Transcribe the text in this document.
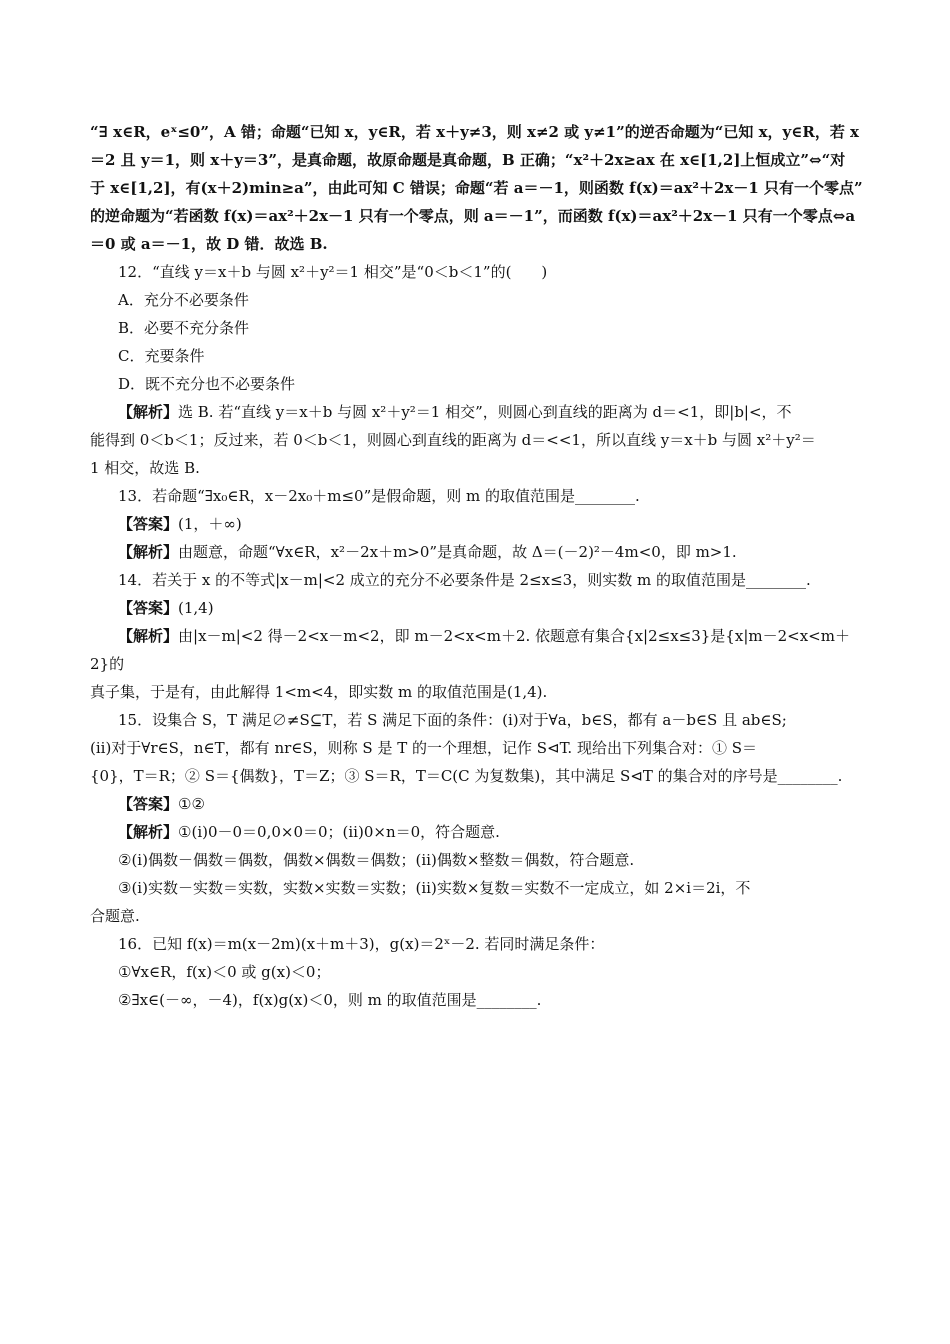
“∃ x∈R，eˣ≤0”，A 错；命题“已知 x，y∈R，若 x＋y≠3，则 x≠2 或 y≠1”的逆否命题为“已知 x，y∈R，若 x

＝2 且 y＝1，则 x＋y＝3”，是真命题，故原命题是真命题，B 正确；“x²＋2x≥ax 在 x∈[1,2]上恒成立”⇔“对

于 x∈[1,2]，有(x＋2)min≥a”，由此可知 C 错误；命题“若 a＝－1，则函数 f(x)＝ax²＋2x－1 只有一个零点”

的逆命题为“若函数 f(x)＝ax²＋2x－1 只有一个零点，则 a＝－1”，而函数 f(x)＝ax²＋2x－1 只有一个零点⇔a

＝0 或 a＝－1，故 D 错．故选 B.

12．“直线 y＝x＋b 与圆 x²＋y²＝1 相交”是“0＜b＜1”的(　　)

A．充分不必要条件

B．必要不充分条件

C．充要条件

D．既不充分也不必要条件

【解析】选 B. 若“直线 y＝x＋b 与圆 x²＋y²＝1 相交”，则圆心到直线的距离为 d＝<1，即|b|<，不

能得到 0＜b＜1；反过来，若 0＜b＜1，则圆心到直线的距离为 d＝<<1，所以直线 y＝x＋b 与圆 x²＋y²＝

1 相交，故选 B.

13．若命题“∃x₀∈R，x－2x₀＋m≤0”是假命题，则 m 的取值范围是________.

【答案】(1，＋∞)

【解析】由题意，命题“∀x∈R，x²－2x＋m>0”是真命题，故 Δ＝(－2)²－4m<0，即 m>1.

14．若关于 x 的不等式|x－m|<2 成立的充分不必要条件是 2≤x≤3，则实数 m 的取值范围是________.

【答案】(1,4)

【解析】由|x－m|<2 得－2<x－m<2，即 m－2<x<m＋2. 依题意有集合{x|2≤x≤3}是{x|m－2<x<m＋2}的

真子集，于是有，由此解得 1<m<4，即实数 m 的取值范围是(1,4).

15．设集合 S，T 满足∅≠S⊆T，若 S 满足下面的条件：(i)对于∀a，b∈S，都有 a－b∈S 且 ab∈S;

(ii)对于∀r∈S，n∈T，都有 nr∈S，则称 S 是 T 的一个理想，记作 S⊲T. 现给出下列集合对：① S＝

{0}，T＝R；② S＝{偶数}，T＝Z；③ S＝R，T＝C(C 为复数集)，其中满足 S⊲T 的集合对的序号是________.

【答案】①②

【解析】①(ⅰ)0－0＝0,0×0＝0；(ⅱ)0×n＝0，符合题意.

②(ⅰ)偶数－偶数＝偶数，偶数×偶数＝偶数；(ⅱ)偶数×整数＝偶数，符合题意.

③(ⅰ)实数－实数＝实数，实数×实数＝实数；(ⅱ)实数×复数＝实数不一定成立，如 2×i＝2i，不

合题意.

16．已知 f(x)＝m(x－2m)(x＋m＋3)，g(x)＝2ˣ－2. 若同时满足条件：

①∀x∈R，f(x)＜0 或 g(x)＜0；

②∃x∈(－∞，－4)，f(x)g(x)＜0，则 m 的取值范围是________.
